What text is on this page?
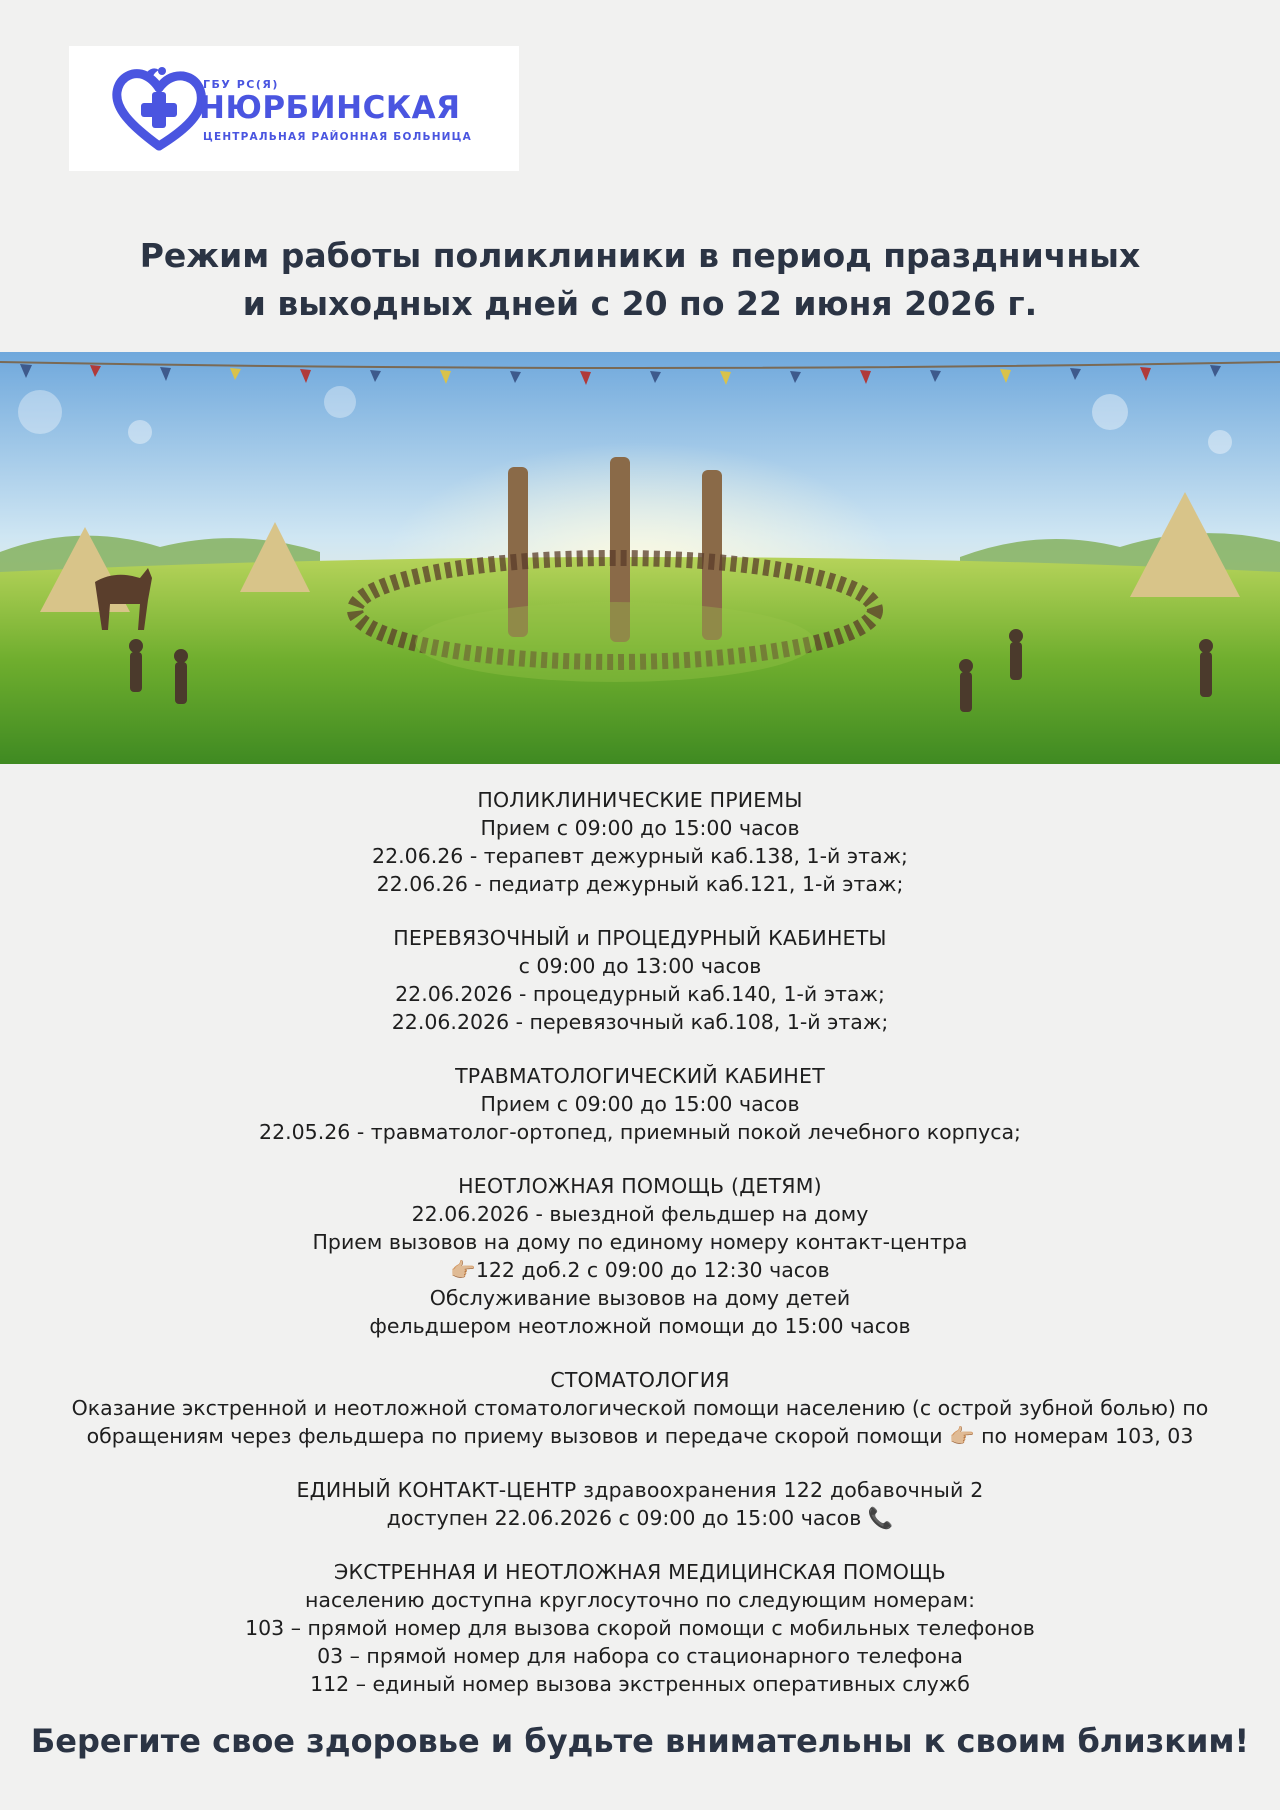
ГБУ РС(Я)
НЮРБИНСКАЯ
ЦЕНТРАЛЬНАЯ РАЙОННАЯ БОЛЬНИЦА
Режим работы поликлиники в период праздничных
и выходных дней с 20 по 22 июня 2026 г.

ПОЛИКЛИНИЧЕСКИЕ ПРИЕМЫ

Прием с 09:00 до 15:00 часов

22.06.26 - терапевт дежурный каб.138, 1-й этаж;

22.06.26 - педиатр дежурный каб.121, 1-й этаж;

ПЕРЕВЯЗОЧНЫЙ и ПРОЦЕДУРНЫЙ КАБИНЕТЫ

с 09:00 до 13:00 часов

22.06.2026 - процедурный каб.140, 1-й этаж;

22.06.2026 - перевязочный каб.108, 1-й этаж;

ТРАВМАТОЛОГИЧЕСКИЙ КАБИНЕТ

Прием с 09:00 до 15:00 часов

22.05.26 - травматолог-ортопед, приемный покой лечебного корпуса;

НЕОТЛОЖНАЯ ПОМОЩЬ (ДЕТЯМ)

22.06.2026 - выездной фельдшер на дому

Прием вызовов на дому по единому номеру контакт-центра

👉🏼122 доб.2 с 09:00 до 12:30 часов

Обслуживание вызовов на дому детей

фельдшером неотложной помощи до 15:00 часов

СТОМАТОЛОГИЯ

Оказание экстренной и неотложной стоматологической помощи населению (с острой зубной болью) по

обращениям через фельдшера по приему вызовов и передаче скорой помощи 👉🏼 по номерам 103, 03

ЕДИНЫЙ КОНТАКТ-ЦЕНТР здравоохранения 122 добавочный 2

доступен 22.06.2026 с 09:00 до 15:00 часов 📞

ЭКСТРЕННАЯ И НЕОТЛОЖНАЯ МЕДИЦИНСКАЯ ПОМОЩЬ

населению доступна круглосуточно по следующим номерам:

103 – прямой номер для вызова скорой помощи с мобильных телефонов

03 – прямой номер для набора со стационарного телефона

112 – единый номер вызова экстренных оперативных служб

Берегите свое здоровье и будьте внимательны к своим близким!
